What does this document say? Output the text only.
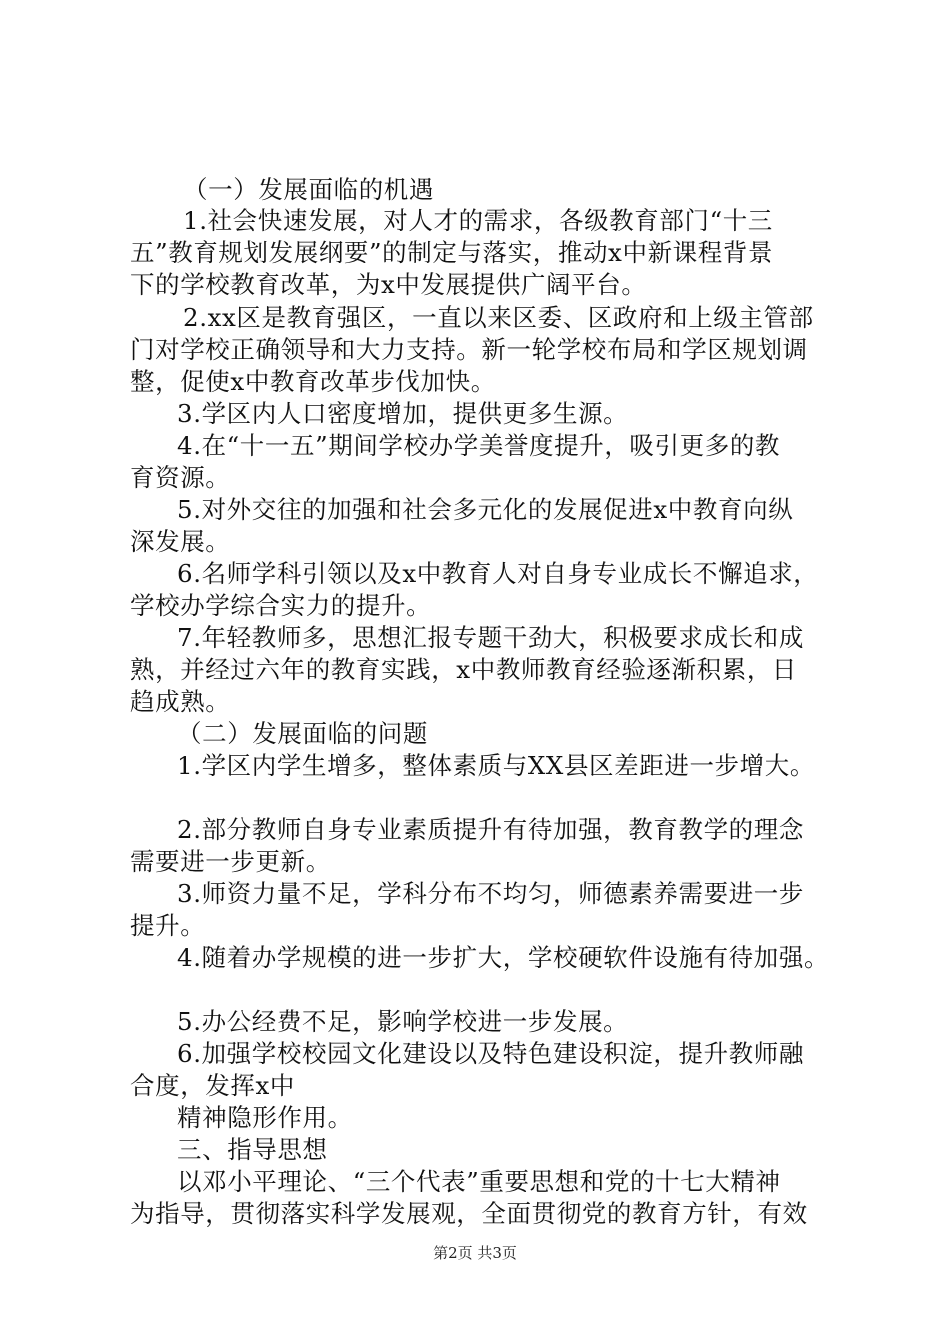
（一）发展面临的机遇
1.社会快速发展，对人才的需求，各级教育部门“十三
五”教育规划发展纲要”的制定与落实，推动x中新课程背景
下的学校教育改革，为x中发展提供广阔平台。
2.xx区是教育强区，一直以来区委、区政府和上级主管部
门对学校正确领导和大力支持。新一轮学校布局和学区规划调
整，促使x中教育改革步伐加快。
3.学区内人口密度增加，提供更多生源。
4.在“十一五”期间学校办学美誉度提升，吸引更多的教
育资源。
5.对外交往的加强和社会多元化的发展促进x中教育向纵
深发展。
6.名师学科引领以及x中教育人对自身专业成长不懈追求，
学校办学综合实力的提升。
7.年轻教师多，思想汇报专题干劲大，积极要求成长和成
熟，并经过六年的教育实践，x中教师教育经验逐渐积累，日
趋成熟。
（二）发展面临的问题
1.学区内学生增多，整体素质与XX县区差距进一步增大。
2.部分教师自身专业素质提升有待加强，教育教学的理念
需要进一步更新。
3.师资力量不足，学科分布不均匀，师德素养需要进一步
提升。
4.随着办学规模的进一步扩大，学校硬软件设施有待加强。
5.办公经费不足，影响学校进一步发展。
6.加强学校校园文化建设以及特色建设积淀，提升教师融
合度，发挥x中
精神隐形作用。
三、指导思想
以邓小平理论、“三个代表”重要思想和党的十七大精神
为指导，贯彻落实科学发展观，全面贯彻党的教育方针，有效
第2页 共3页
